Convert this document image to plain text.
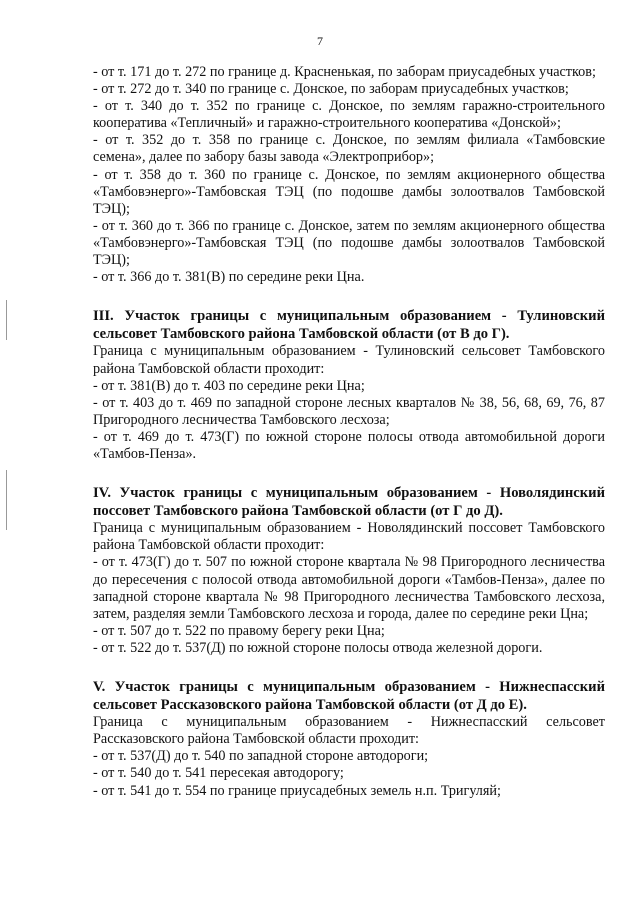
7

- от т. 171 до т. 272 по границе д. Красненькая, по заборам приусадебных участков;

- от т. 272 до т. 340 по границе с. Донское, по заборам приусадебных участков;

- от т. 340 до т. 352 по границе с. Донское, по землям гаражно-строительного кооператива «Тепличный» и гаражно-строительного кооператива «Донской»;

- от т. 352 до т. 358 по границе с. Донское, по землям филиала «Тамбовские семена», далее по забору базы завода «Электроприбор»;

- от т. 358 до т. 360 по границе с. Донское, по землям акционерного общества «Тамбовэнерго»-Тамбовская ТЭЦ (по подошве дамбы золоотвалов Тамбовской ТЭЦ);

- от т. 360 до т. 366 по границе с. Донское, затем по землям акционерного общества «Тамбовэнерго»-Тамбовская ТЭЦ (по подошве дамбы золоотвалов Тамбовской ТЭЦ);

- от т. 366 до т. 381(В) по середине реки Цна.

III. Участок границы с муниципальным образованием - Тулиновский сельсовет Тамбовского района Тамбовской области (от В до Г).

Граница с муниципальным образованием - Тулиновский сельсовет Тамбовского района Тамбовской области проходит:

- от т. 381(В) до т. 403 по середине реки Цна;

- от т. 403 до т. 469 по западной стороне лесных кварталов № 38, 56, 68, 69, 76, 87 Пригородного лесничества Тамбовского лесхоза;

- от т. 469 до т. 473(Г) по южной стороне полосы отвода автомобильной дороги «Тамбов-Пенза».

IV. Участок границы с муниципальным образованием - Новолядинский поссовет Тамбовского района Тамбовской области (от Г до Д).

Граница с муниципальным образованием - Новолядинский поссовет Тамбовского района Тамбовской области проходит:

- от т. 473(Г) до т. 507 по южной стороне квартала № 98 Пригородного лесничества до пересечения с полосой отвода автомобильной дороги «Тамбов-Пенза», далее по западной стороне квартала № 98 Пригородного лесничества Тамбовского лесхоза, затем, разделяя земли Тамбовского лесхоза и города, далее по середине реки Цна;

- от т. 507 до т. 522 по правому берегу реки Цна;

- от т. 522 до т. 537(Д) по южной стороне полосы отвода железной дороги.

V. Участок границы с муниципальным образованием - Нижнеспасский сельсовет Рассказовского района Тамбовской области (от Д до Е).

Граница с муниципальным образованием - Нижнеспасский сельсовет Рассказовского района Тамбовской области проходит:

- от т. 537(Д) до т. 540 по западной стороне автодороги;

- от т. 540 до т. 541 пересекая автодорогу;

- от т. 541 до т. 554 по границе приусадебных земель н.п. Тригуляй;
